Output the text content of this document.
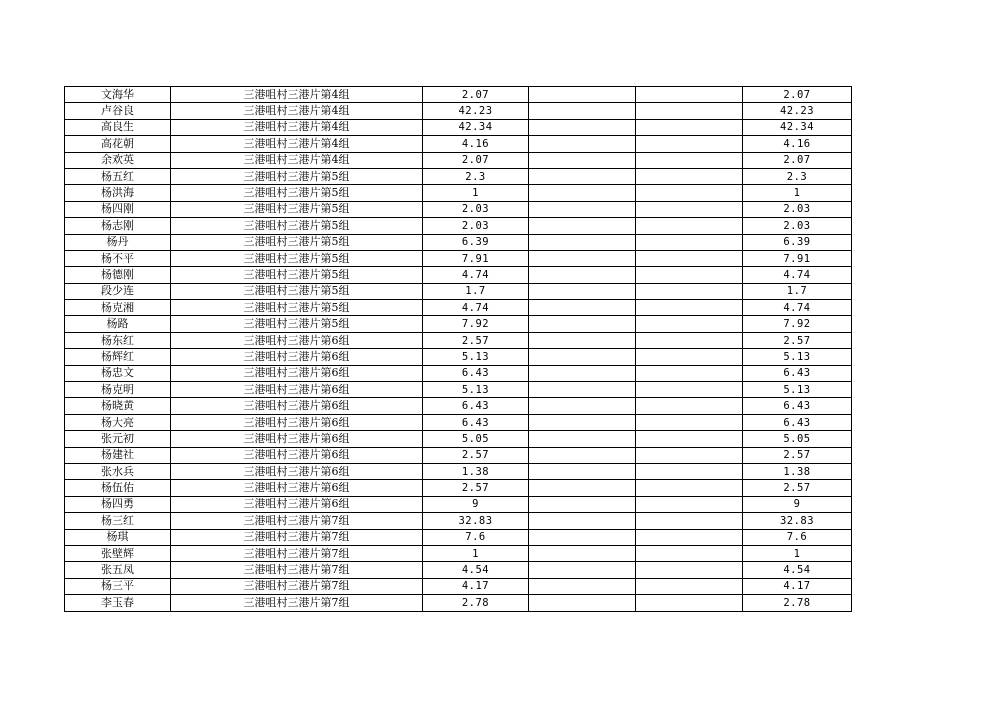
文海华	三港咀村三港片第4组	2.07			2.07
卢谷良	三港咀村三港片第4组	42.23			42.23
高良生	三港咀村三港片第4组	42.34			42.34
高花朝	三港咀村三港片第4组	4.16			4.16
余欢英	三港咀村三港片第4组	2.07			2.07
杨五红	三港咀村三港片第5组	2.3			2.3
杨洪海	三港咀村三港片第5组	1			1
杨四刚	三港咀村三港片第5组	2.03			2.03
杨志刚	三港咀村三港片第5组	2.03			2.03
杨丹	三港咀村三港片第5组	6.39			6.39
杨不平	三港咀村三港片第5组	7.91			7.91
杨德刚	三港咀村三港片第5组	4.74			4.74
段少连	三港咀村三港片第5组	1.7			1.7
杨克湘	三港咀村三港片第5组	4.74			4.74
杨路	三港咀村三港片第5组	7.92			7.92
杨东红	三港咀村三港片第6组	2.57			2.57
杨辉红	三港咀村三港片第6组	5.13			5.13
杨忠文	三港咀村三港片第6组	6.43			6.43
杨克明	三港咀村三港片第6组	5.13			5.13
杨晓黄	三港咀村三港片第6组	6.43			6.43
杨大亮	三港咀村三港片第6组	6.43			6.43
张元初	三港咀村三港片第6组	5.05			5.05
杨建社	三港咀村三港片第6组	2.57			2.57
张水兵	三港咀村三港片第6组	1.38			1.38
杨伍佑	三港咀村三港片第6组	2.57			2.57
杨四勇	三港咀村三港片第6组	9			9
杨三红	三港咀村三港片第7组	32.83			32.83
杨琪	三港咀村三港片第7组	7.6			7.6
张壁辉	三港咀村三港片第7组	1			1
张五凤	三港咀村三港片第7组	4.54			4.54
杨三平	三港咀村三港片第7组	4.17			4.17
李玉春	三港咀村三港片第7组	2.78			2.78
